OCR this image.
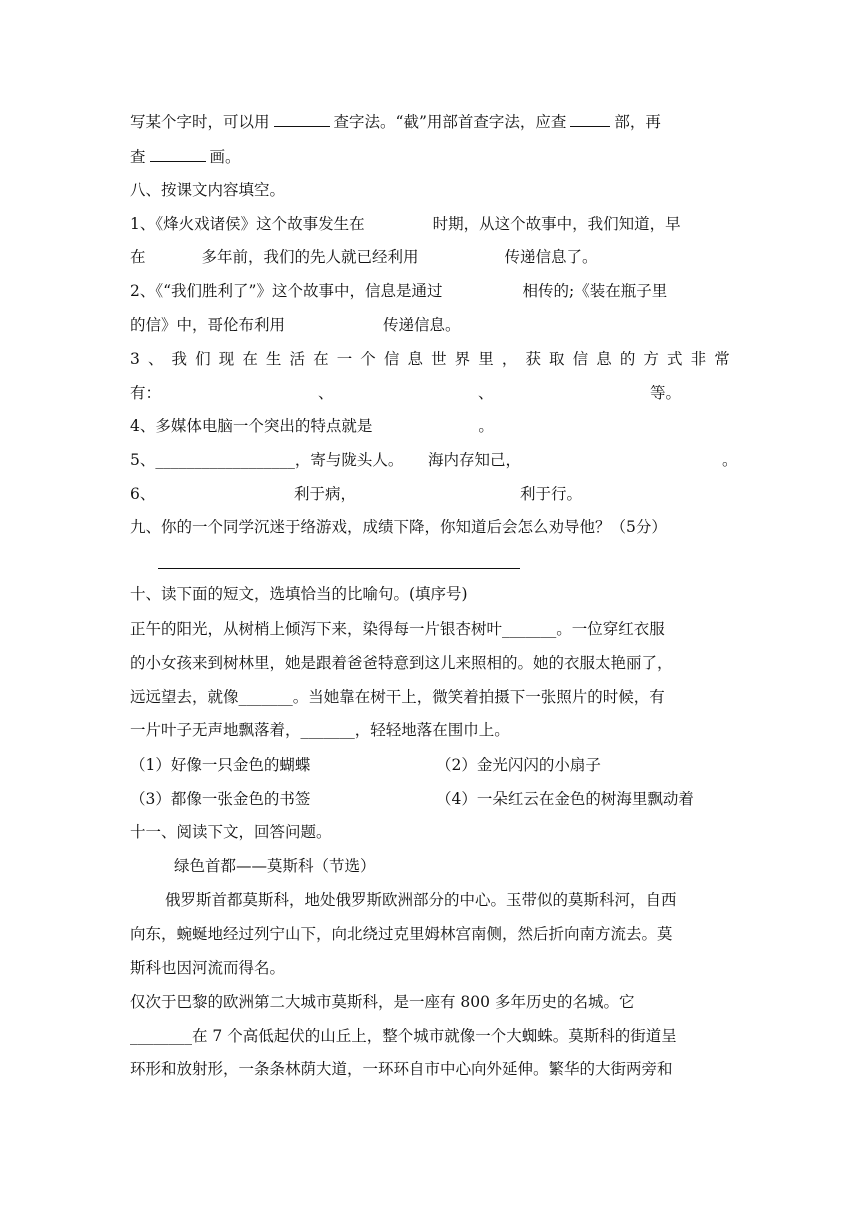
写某个字时，可以用	查字法。“截”用部首查字法，应查	部，再
查	画。
八、按课文内容填空。
1、《烽火戏诸侯》这个故事发生在	时期，从这个故事中，我们知道，早
在	多年前，我们的先人就已经利用	传递信息了。
2、《“我们胜利了”》这个故事中，信息是通过	相传的;《装在瓶子里
的信》中，哥伦布利用	传递信息。
3 、 我 们 现 在 生 活 在 一 个 信 息 世 界 里 ， 获 取 信 息 的 方 式 非 常
有：	、	、	等。
4、多媒体电脑一个突出的特点就是	。
5、__________________，寄与陇头人。 海内存知己，	。
6、	利于病，	利于行。
九、你的一个同学沉迷于络游戏，成绩下降，你知道后会怎么劝导他？（5分）
十、读下面的短文，选填恰当的比喻句。(填序号)
正午的阳光，从树梢上倾泻下来，染得每一片银杏树叶_______。一位穿红衣服
的小女孩来到树林里，她是跟着爸爸特意到这儿来照相的。她的衣服太艳丽了，
远远望去，就像_______。当她靠在树干上，微笑着拍摄下一张照片的时候，有
一片叶子无声地飘落着，_______，轻轻地落在围巾上。
（1）好像一只金色的蝴蝶	（2）金光闪闪的小扇子
（3）都像一张金色的书签	（4）一朵红云在金色的树海里飘动着
十一、阅读下文，回答问题。
绿色首都——莫斯科（节选）
俄罗斯首都莫斯科，地处俄罗斯欧洲部分的中心。玉带似的莫斯科河，自西
向东，蜿蜒地经过列宁山下，向北绕过克里姆林宫南侧，然后折向南方流去。莫
斯科也因河流而得名。
仅次于巴黎的欧洲第二大城市莫斯科，是一座有 800 多年历史的名城。它
________在 7 个高低起伏的山丘上，整个城市就像一个大蜘蛛。莫斯科的街道呈
环形和放射形，一条条林荫大道，一环环自市中心向外延伸。繁华的大街两旁和
